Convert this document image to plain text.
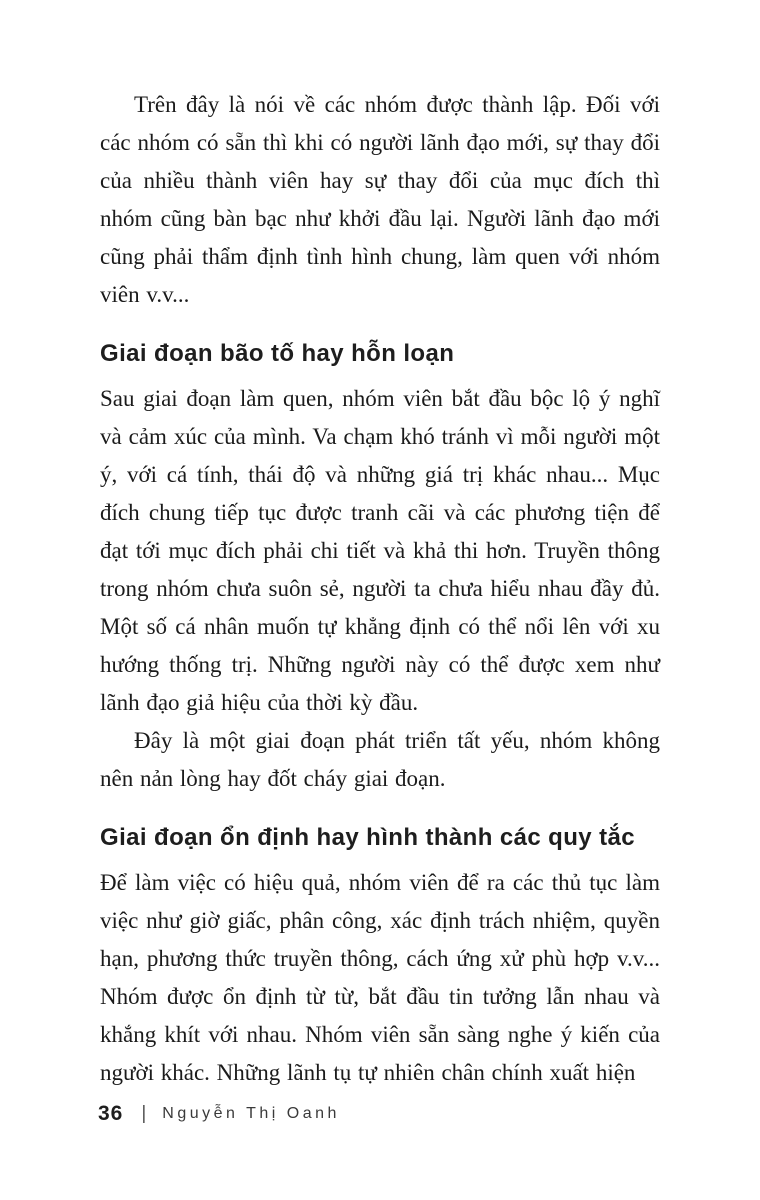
Trên đây là nói về các nhóm được thành lập. Đối với các nhóm có sẵn thì khi có người lãnh đạo mới, sự thay đổi của nhiều thành viên hay sự thay đổi của mục đích thì nhóm cũng bàn bạc như khởi đầu lại. Người lãnh đạo mới cũng phải thẩm định tình hình chung, làm quen với nhóm viên v.v...

Giai đoạn bão tố hay hỗn loạn

Sau giai đoạn làm quen, nhóm viên bắt đầu bộc lộ ý nghĩ và cảm xúc của mình. Va chạm khó tránh vì mỗi người một ý, với cá tính, thái độ và những giá trị khác nhau... Mục đích chung tiếp tục được tranh cãi và các phương tiện để đạt tới mục đích phải chi tiết và khả thi hơn. Truyền thông trong nhóm chưa suôn sẻ, người ta chưa hiểu nhau đầy đủ. Một số cá nhân muốn tự khẳng định có thể nổi lên với xu hướng thống trị. Những người này có thể được xem như lãnh đạo giả hiệu của thời kỳ đầu.

Đây là một giai đoạn phát triển tất yếu, nhóm không nên nản lòng hay đốt cháy giai đoạn.

Giai đoạn ổn định hay hình thành các quy tắc

Để làm việc có hiệu quả, nhóm viên để ra các thủ tục làm việc như giờ giấc, phân công, xác định trách nhiệm, quyền hạn, phương thức truyền thông, cách ứng xử phù hợp v.v... Nhóm được ổn định từ từ, bắt đầu tin tưởng lẫn nhau và khắng khít với nhau. Nhóm viên sẵn sàng nghe ý kiến của người khác. Những lãnh tụ tự nhiên chân chính xuất hiện

36 | Nguyễn Thị Oanh
